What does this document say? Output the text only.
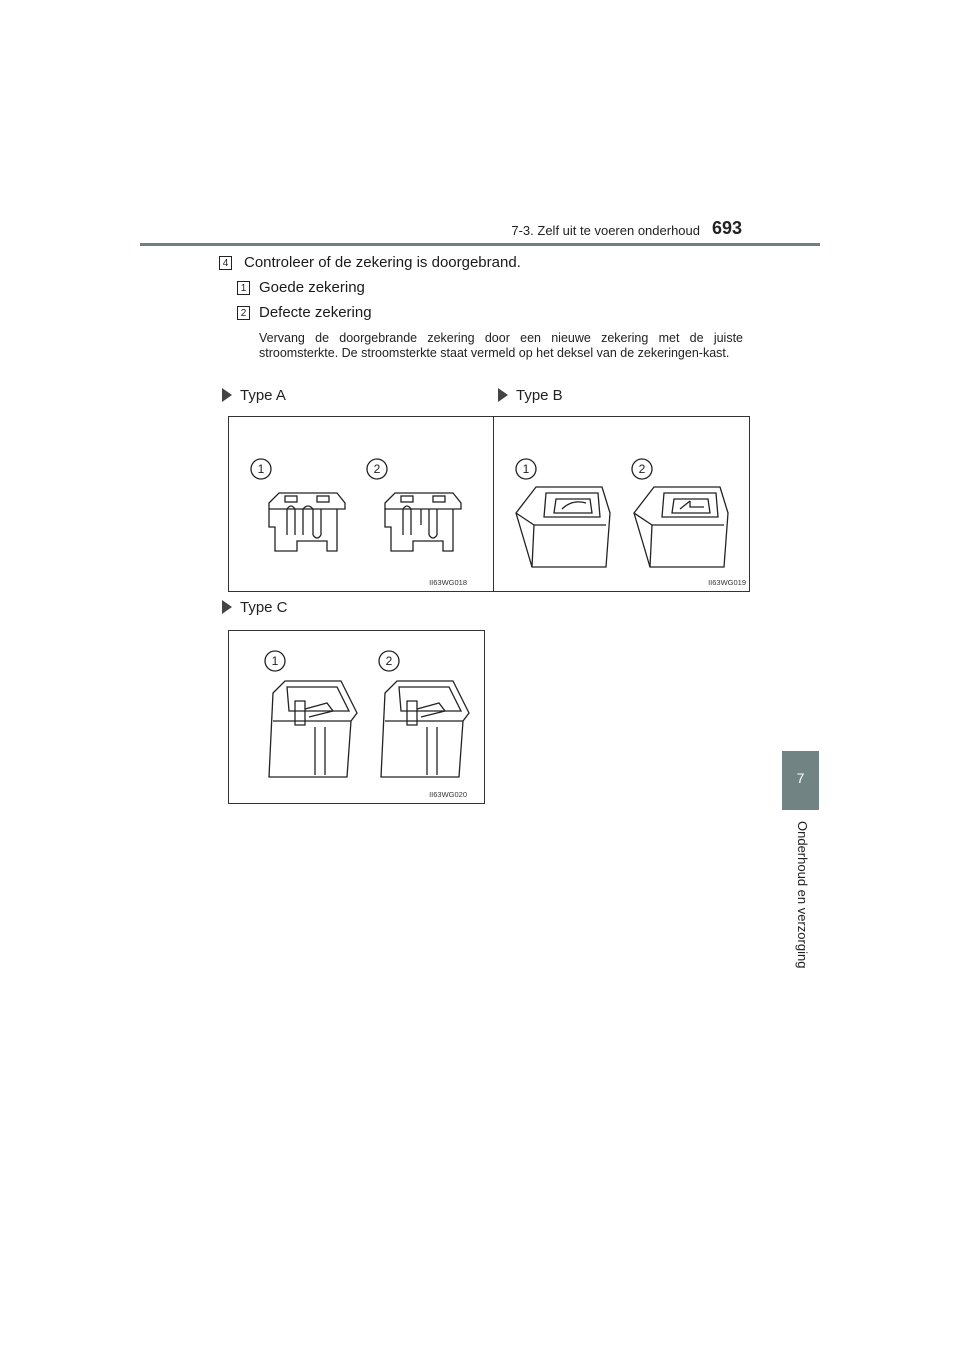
7-3. Zelf uit te voeren onderhoud 693
7
Onderhoud en verzorging
4 Controleer of de zekering is doorgebrand.
1 Goede zekering
2 Defecte zekering
Vervang de doorgebrande zekering door een nieuwe zekering met de juiste stroomsterkte. De stroomsterkte staat vermeld op het deksel van de zekeringen-kast.
Type A	Type B
Type C
1	2
II63WG018
1	2
II63WG019
1	2
II63WG020
